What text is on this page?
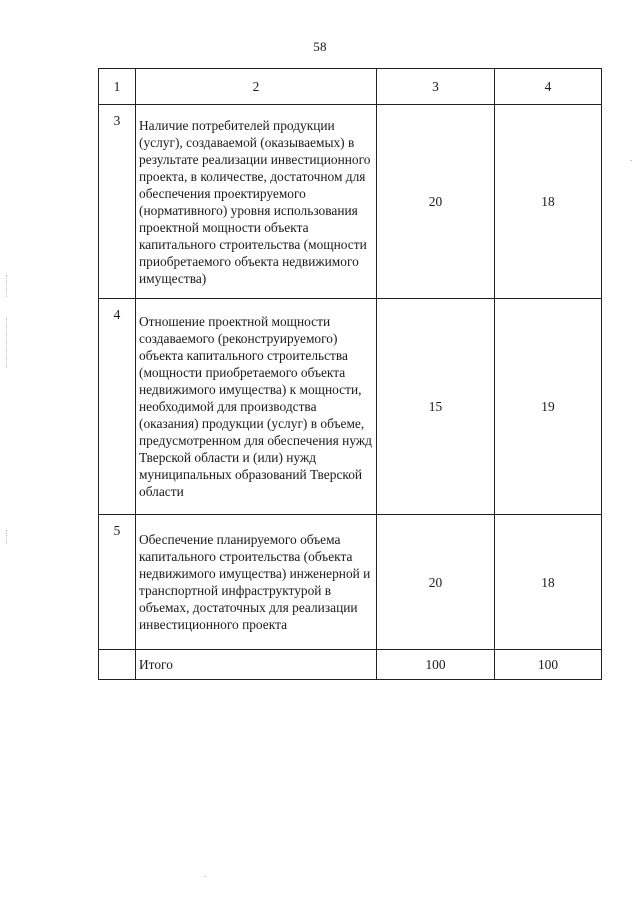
58
1	2	3	4
3	Наличие потребителей продукции (услуг), создаваемой (оказываемых) в результате реализации инвестиционного проекта, в количестве, достаточном для обеспечения проектируемого (нормативного) уровня использования проектной мощности объекта капитального строительства (мощности приобретаемого объекта недвижимого имущества)	20	18
4	Отношение проектной мощности создаваемого (реконструируемого) объекта капитального строительства (мощности приобретаемого объекта недвижимого имущества) к мощности, необходимой для производства (оказания) продукции (услуг) в объеме, предусмотренном для обеспечения нужд Тверской области и (или) нужд муниципальных образований Тверской области	15	19
5	Обеспечение планируемого объема капитального строительства (объекта недвижимого имущества) инженерной и транспортной инфраструктурой в объемах, достаточных для реализации инвестиционного проекта	20	18
	Итого	100	100
